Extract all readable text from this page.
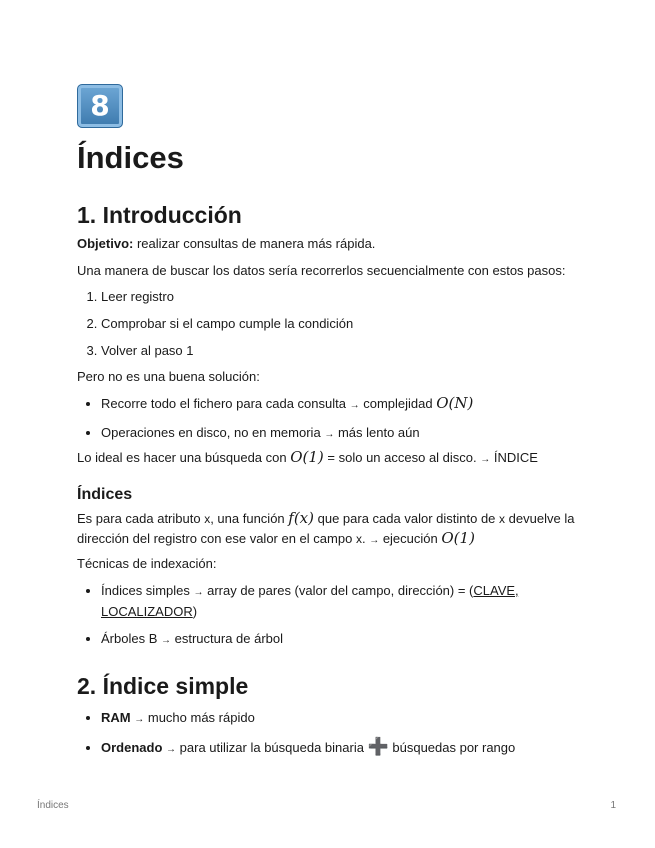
8
Índices
1. Introducción

Objetivo: realizar consultas de manera más rápida.

Una manera de buscar los datos sería recorrerlos secuencialmente con estos pasos:

1. Leer registro
2. Comprobar si el campo cumple la condición
3. Volver al paso 1

Pero no es una buena solución:

• Recorre todo el fichero para cada consulta → complejidad O(N)
• Operaciones en disco, no en memoria → más lento aún

Lo ideal es hacer una búsqueda con O(1) = solo un acceso al disco. → ÍNDICE

Índices

Es para cada atributo x, una función f(x) que para cada valor distinto de x devuelve la
dirección del registro con ese valor en el campo x. → ejecución O(1)

Técnicas de indexación:

• Índices simples → array de pares (valor del campo, dirección) = (CLAVE, LOCALIZADOR)
• Árboles B → estructura de árbol
2. Índice simple
• RAM → mucho más rápido
• Ordenado → para utilizar la búsqueda binaria ➕ búsquedas por rango
Índices	1
